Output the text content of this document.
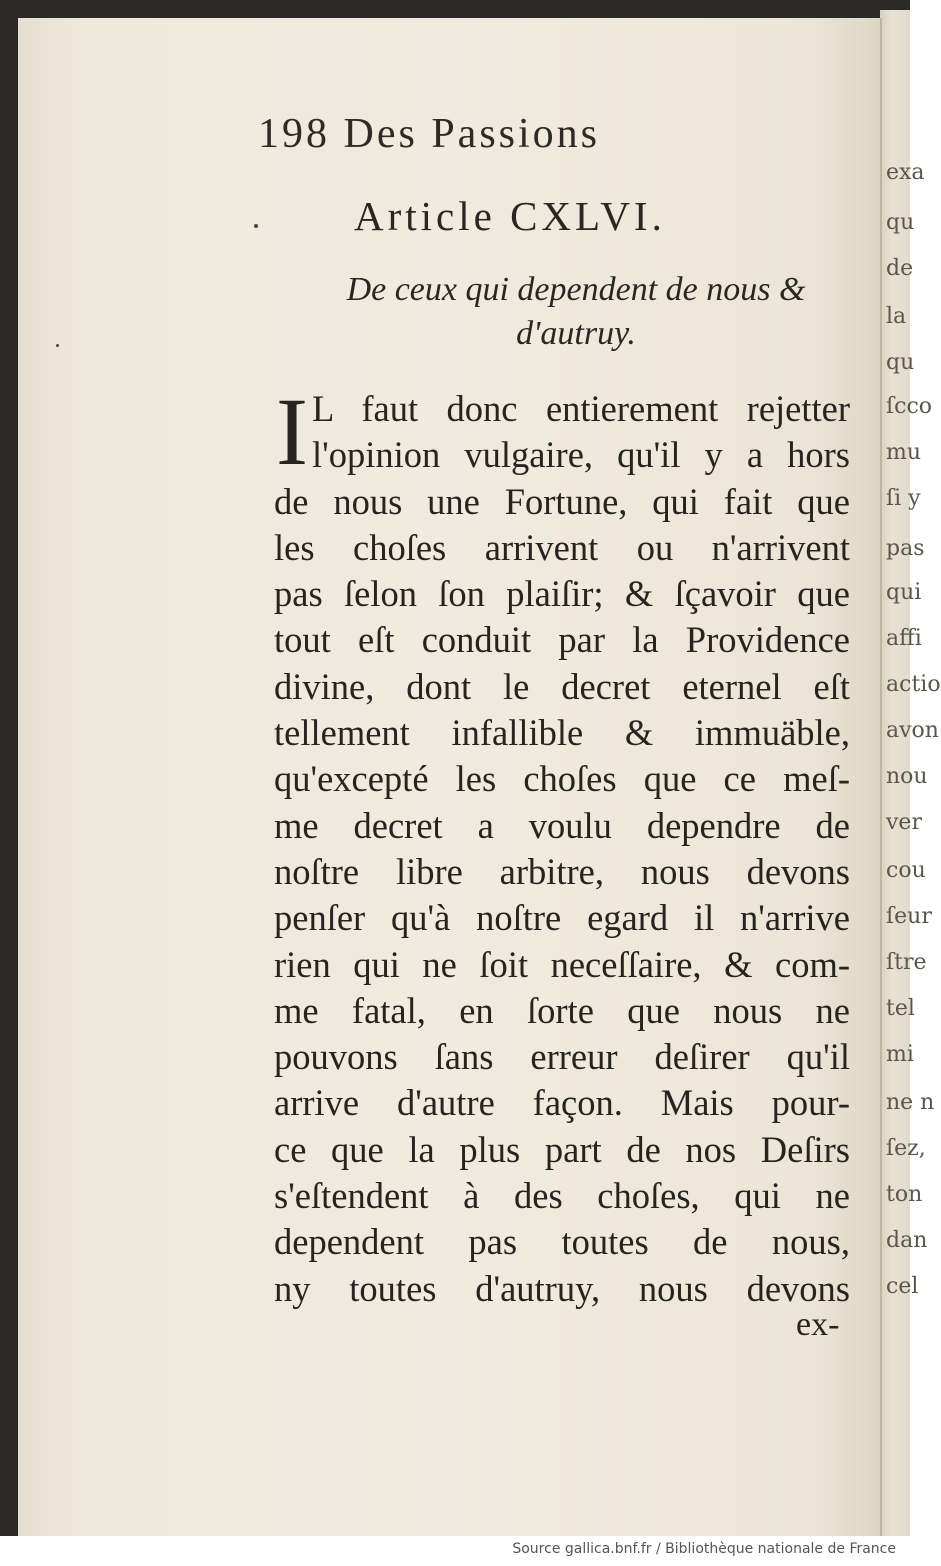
exa
qu
de
la
qu
ſcco
mu
ſi y
pas
qui
affi
actio
avon
nou
ver
cou
ſeur
ſtre
tel
mi
ne n
ſez,
ton
dan
cel
198 Des Passions
Article CXLVI.
De ceux qui dependent de nous &
d'autruy.
I L faut donc entierement rejetter
l'opinion vulgaire, qu'il y a hors
de nous une Fortune, qui fait que
les choſes arrivent ou n'arrivent
pas ſelon ſon plaiſir; & ſçavoir que
tout eſt conduit par la Providence
divine, dont le decret eternel eſt
tellement infallible & immuäble,
qu'excepté les choſes que ce meſ-
me decret a voulu dependre de
noſtre libre arbitre, nous devons
penſer qu'à noſtre egard il n'arrive
rien qui ne ſoit neceſſaire, & com-
me fatal, en ſorte que nous ne
pouvons ſans erreur deſirer qu'il
arrive d'autre façon. Mais pour-
ce que la plus part de nos Deſirs
s'eſtendent à des choſes, qui ne
dependent pas toutes de nous,
ny toutes d'autruy, nous devons
ex-
Source gallica.bnf.fr / Bibliothèque nationale de France
